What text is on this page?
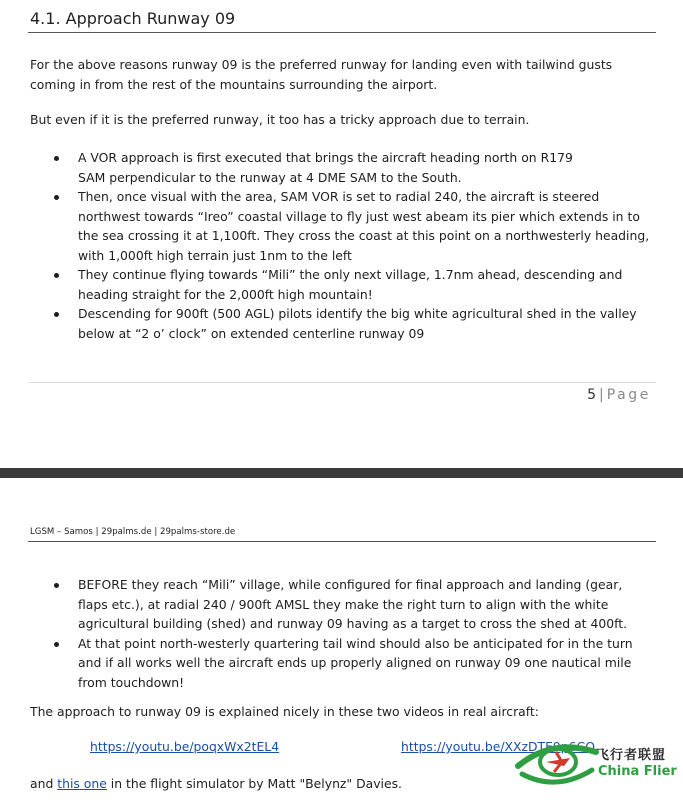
4.1. Approach Runway 09

For the above reasons runway 09 is the preferred runway for landing even with tailwind gusts coming in from the rest of the mountains surrounding the airport.

But even if it is the preferred runway, it too has a tricky approach due to terrain.

A VOR approach is first executed that brings the aircraft heading north on R179
SAM perpendicular to the runway at 4 DME SAM to the South.
Then, once visual with the area, SAM VOR is set to radial 240, the aircraft is steered northwest towards “Ireo” coastal village to fly just west abeam its pier which extends in to the sea crossing it at 1,100ft. They cross the coast at this point on a northwesterly heading, with 1,000ft high terrain just 1nm to the left
They continue flying towards “Mili” the only next village, 1.7nm ahead, descending and heading straight for the 2,000ft high mountain!
Descending for 900ft (500 AGL) pilots identify the big white agricultural shed in the valley below at “2 o’ clock” on extended centerline runway 09
5 | Page
LGSM – Samos | 29palms.de | 29palms-store.de
BEFORE they reach “Mili” village, while configured for final approach and landing (gear, flaps etc.), at radial 240 / 900ft AMSL they make the right turn to align with the white agricultural building (shed) and runway 09 having as a target to cross the shed at 400ft.
At that point north-westerly quartering tail wind should also be anticipated for in the turn and if all works well the aircraft ends up properly aligned on runway 09 one nautical mile from touchdown!

The approach to runway 09 is explained nicely in these two videos in real aircraft:

https://youtu.be/poqxWx2tEL4	https://youtu.be/XXzDTE9p6CQ

and this one in the flight simulator by Matt "Belynz" Davies.

飞行者联盟
China Flier
